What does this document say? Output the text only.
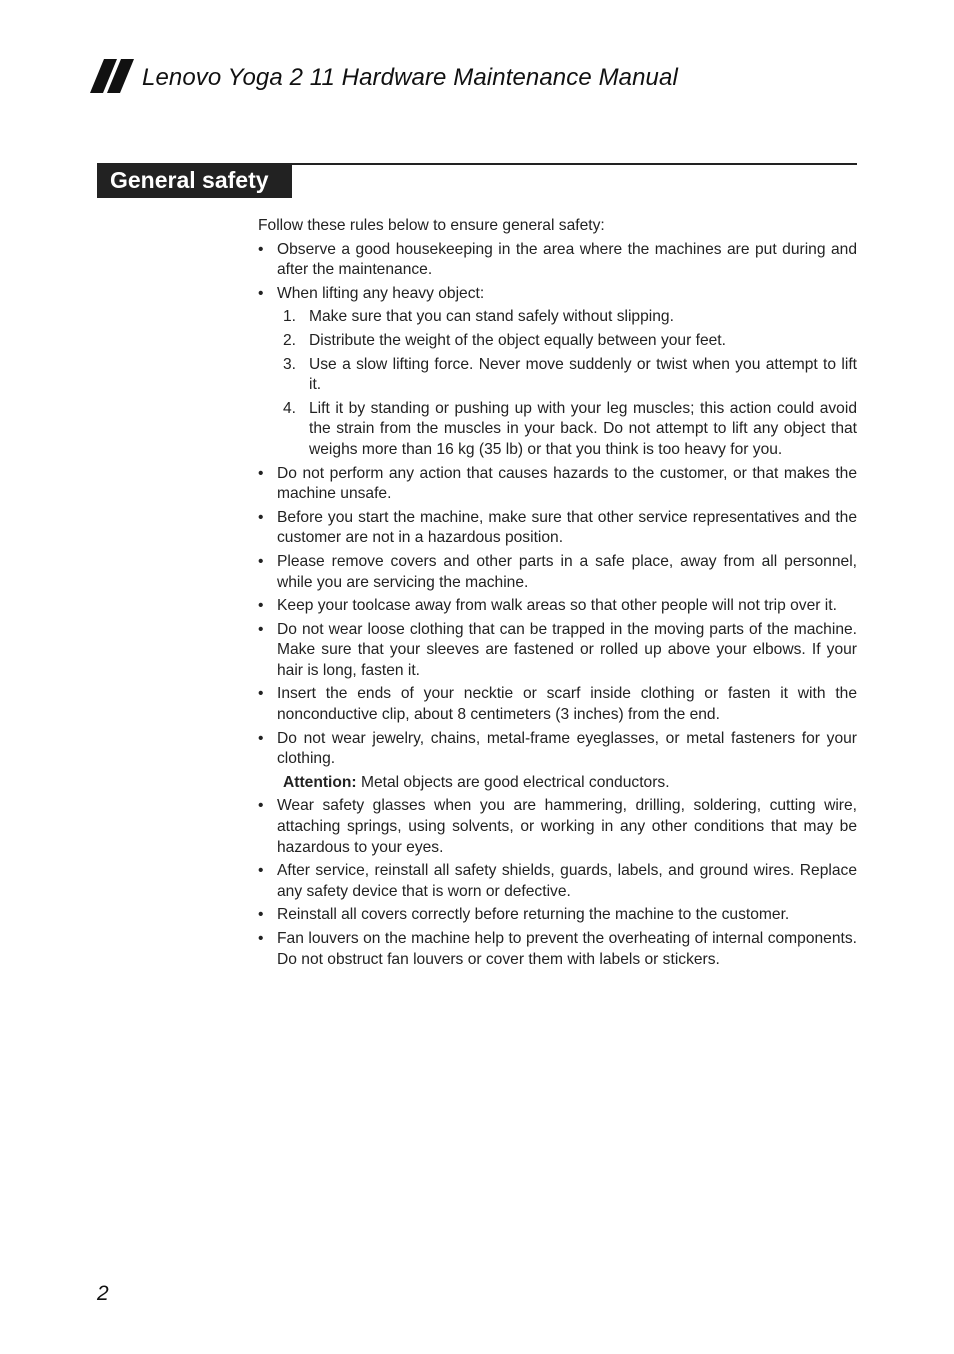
Lenovo Yoga 2 11 Hardware Maintenance Manual
General safety

Follow these rules below to ensure general safety:

• Observe a good housekeeping in the area where the machines are put during and after the maintenance.
• When lifting any heavy object:
1. Make sure that you can stand safely without slipping.
2. Distribute the weight of the object equally between your feet.
3. Use a slow lifting force. Never move suddenly or twist when you attempt to lift it.
4. Lift it by standing or pushing up with your leg muscles; this action could avoid the strain from the muscles in your back. Do not attempt to lift any object that weighs more than 16 kg (35 lb) or that you think is too heavy for you.
• Do not perform any action that causes hazards to the customer, or that makes the machine unsafe.
• Before you start the machine, make sure that other service representatives and the customer are not in a hazardous position.
• Please remove covers and other parts in a safe place, away from all personnel, while you are servicing the machine.
• Keep your toolcase away from walk areas so that other people will not trip over it.
• Do not wear loose clothing that can be trapped in the moving parts of the machine. Make sure that your sleeves are fastened or rolled up above your elbows. If your hair is long, fasten it.
• Insert the ends of your necktie or scarf inside clothing or fasten it with the nonconductive clip, about 8 centimeters (3 inches) from the end.
• Do not wear jewelry, chains, metal-frame eyeglasses, or metal fasteners for your clothing.
Attention: Metal objects are good electrical conductors.
• Wear safety glasses when you are hammering, drilling, soldering, cutting wire, attaching springs, using solvents, or working in any other conditions that may be hazardous to your eyes.
• After service, reinstall all safety shields, guards, labels, and ground wires. Replace any safety device that is worn or defective.
• Reinstall all covers correctly before returning the machine to the customer.
• Fan louvers on the machine help to prevent the overheating of internal components. Do not obstruct fan louvers or cover them with labels or stickers.
2
